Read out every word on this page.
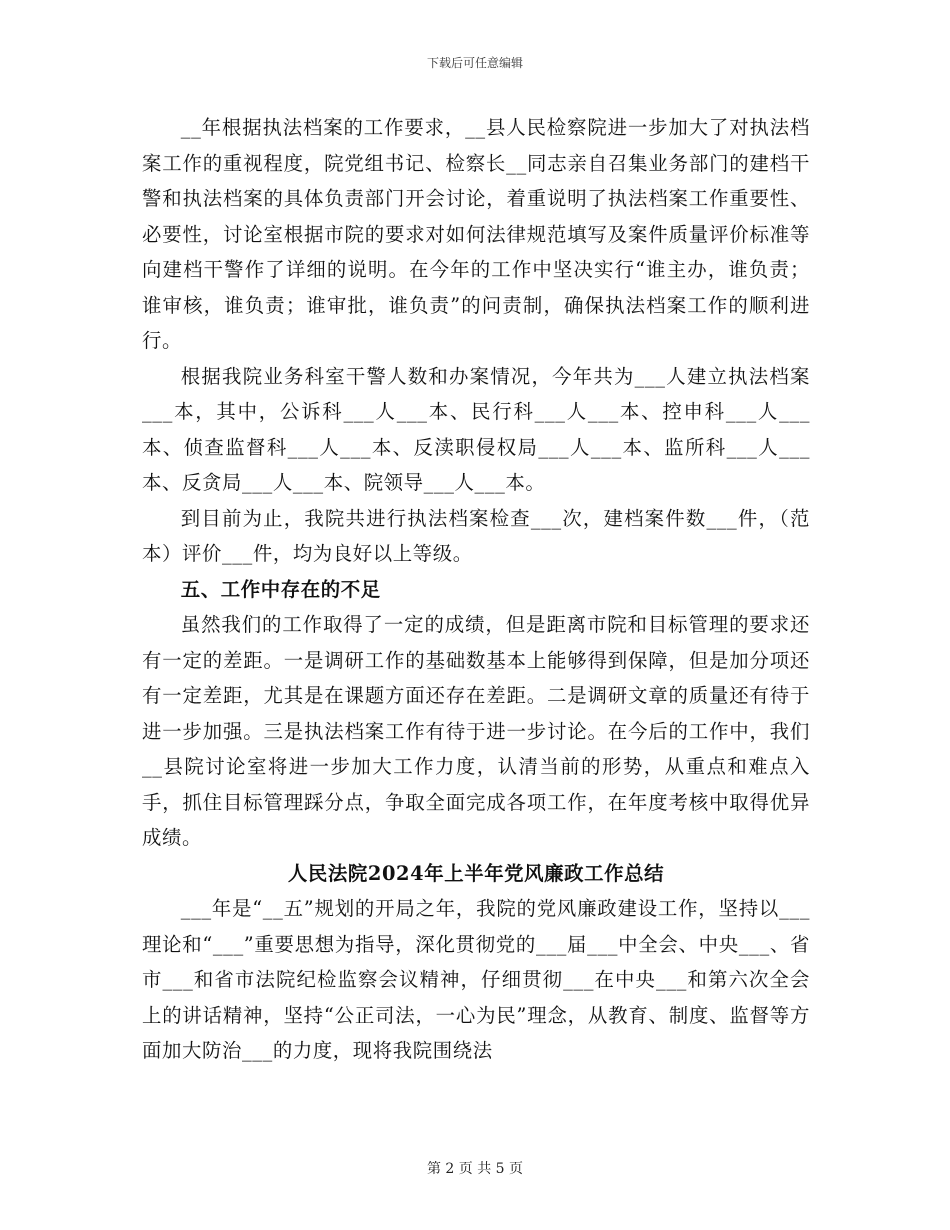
下载后可任意编辑

__年根据执法档案的工作要求，__县人民检察院进一步加大了对执法档案工作的重视程度，院党组书记、检察长__同志亲自召集业务部门的建档干警和执法档案的具体负责部门开会讨论，着重说明了执法档案工作重要性、必要性，讨论室根据市院的要求对如何法律规范填写及案件质量评价标准等向建档干警作了详细的说明。在今年的工作中坚决实行“谁主办，谁负责；谁审核，谁负责；谁审批，谁负责”的问责制，确保执法档案工作的顺利进行。

根据我院业务科室干警人数和办案情况，今年共为___人建立执法档案___本，其中，公诉科___人___本、民行科___人___本、控申科___人___本、侦查监督科___人___本、反渎职侵权局___人___本、监所科___人___本、反贪局___人___本、院领导___人___本。

到目前为止，我院共进行执法档案检查___次，建档案件数___件，（范本）评价___件，均为良好以上等级。

五、工作中存在的不足

虽然我们的工作取得了一定的成绩，但是距离市院和目标管理的要求还有一定的差距。一是调研工作的基础数基本上能够得到保障，但是加分项还有一定差距，尤其是在课题方面还存在差距。二是调研文章的质量还有待于进一步加强。三是执法档案工作有待于进一步讨论。在今后的工作中，我们__县院讨论室将进一步加大工作力度，认清当前的形势，从重点和难点入手，抓住目标管理踩分点，争取全面完成各项工作，在年度考核中取得优异成绩。

人民法院2024年上半年党风廉政工作总结

___年是“__五”规划的开局之年，我院的党风廉政建设工作，坚持以___理论和“___”重要思想为指导，深化贯彻党的___届___中全会、中央___、省市___和省市法院纪检监察会议精神，仔细贯彻___在中央___和第六次全会上的讲话精神，坚持“公正司法，一心为民”理念，从教育、制度、监督等方面加大防治___的力度，现将我院围绕法

第 2 页 共 5 页
